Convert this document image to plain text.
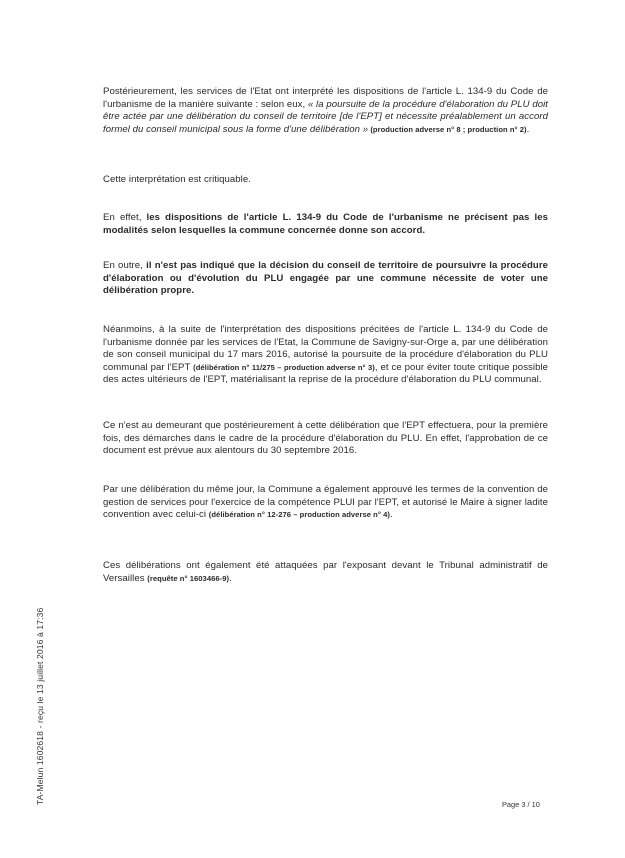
Postérieurement, les services de l'Etat ont interprété les dispositions de l'article L. 134-9 du Code de l'urbanisme de la manière suivante : selon eux, « la poursuite de la procédure d'élaboration du PLU doit être actée par une délibération du conseil de territoire [de l'EPT] et nécessite préalablement un accord formel du conseil municipal sous la forme d'une délibération » (production adverse n° 8 ; production n° 2).

Cette interprétation est critiquable.

En effet, les dispositions de l'article L. 134-9 du Code de l'urbanisme ne précisent pas les modalités selon lesquelles la commune concernée donne son accord.

En outre, il n'est pas indiqué que la décision du conseil de territoire de poursuivre la procédure d'élaboration ou d'évolution du PLU engagée par une commune nécessite de voter une délibération propre.

Néanmoins, à la suite de l'interprétation des dispositions précitées de l'article L. 134-9 du Code de l'urbanisme donnée par les services de l'Etat, la Commune de Savigny-sur-Orge a, par une délibération de son conseil municipal du 17 mars 2016, autorisé la poursuite de la procédure d'élaboration du PLU communal par l'EPT (délibération n° 11/275 – production adverse n° 3), et ce pour éviter toute critique possible des actes ultérieurs de l'EPT, matérialisant la reprise de la procédure d'élaboration du PLU communal.

Ce n'est au demeurant que postérieurement à cette délibération que l'EPT effectuera, pour la première fois, des démarches dans le cadre de la procédure d'élaboration du PLU. En effet, l'approbation de ce document est prévue aux alentours du 30 septembre 2016.

Par une délibération du même jour, la Commune a également approuvé les termes de la convention de gestion de services pour l'exercice de la compétence PLUI par l'EPT, et autorisé le Maire à signer ladite convention avec celui-ci (délibération n° 12-276 – production adverse n° 4).

Ces délibérations ont également été attaquées par l'exposant devant le Tribunal administratif de Versailles (requête n° 1603466-9).

TA-Melun 1602618 - reçu le 13 juillet 2016 à 17:36	Page 3 / 10
